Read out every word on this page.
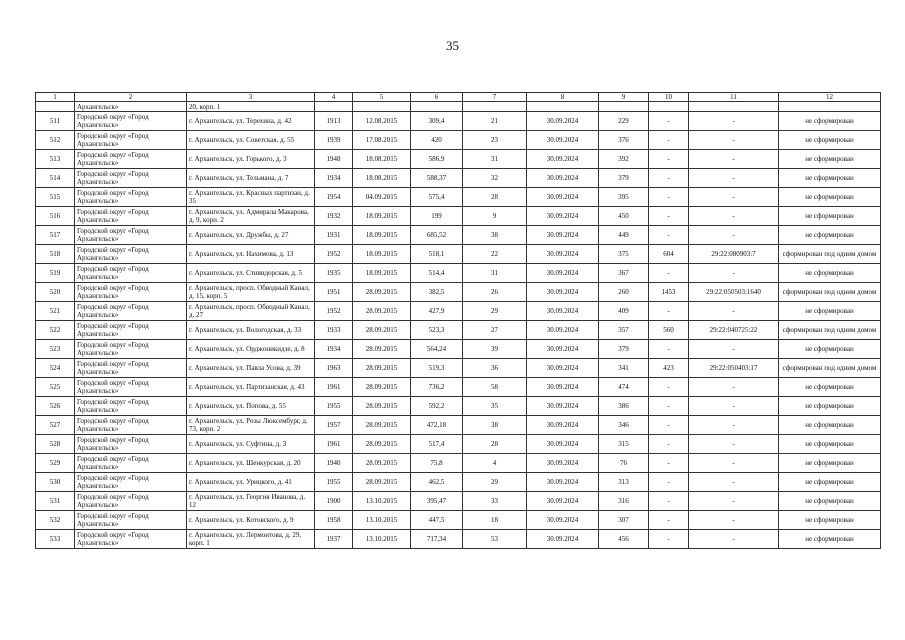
35
1	2	3	4	5	6	7	8	9	10	11	12
	Архангельск»	20, корп. 1									
511	Городской округ «Город Архангельск»	г. Архангельск, ул. Терехина, д. 42	1913	12.08.2015	309,4	21	30.09.2024	229	-	-	не сформирован
512	Городской округ «Город Архангельск»	г. Архангельск, ул. Советская, д. 55	1939	17.08.2015	420	23	30.09.2024	376	-	-	не сформирован
513	Городской округ «Город Архангельск»	г. Архангельск, ул. Горького, д. 3	1948	18.08.2015	586,9	31	30.09.2024	392	-	-	не сформирован
514	Городской округ «Город Архангельск»	г. Архангельск, ул. Тельмана, д. 7	1934	18.08.2015	588,37	32	30.09.2024	379	-	-	не сформирован
515	Городской округ «Город Архангельск»	г. Архангельск, ул. Красных партизан, д. 35	1954	04.09.2015	575,4	28	30.09.2024	395	-	-	не сформирован
516	Городской округ «Город Архангельск»	г. Архангельск, ул. Адмирала Макарова, д. 9, корп. 2	1932	18.09.2015	199	9	30.09.2024	450	-	-	не сформирован
517	Городской округ «Город Архангельск»	г. Архангельск, ул. Дружбы, д. 27	1931	18.09.2015	685,52	38	30.09.2024	449	-	-	не сформирован
518	Городской округ «Город Архангельск»	г. Архангельск, ул. Нахимова, д. 13	1952	18.09.2015	518,1	22	30.09.2024	375	604	29:22:080903:7	сформирован под одним домом
519	Городской округ «Город Архангельск»	г. Архангельск, ул. Стивидорская, д. 5	1935	18.09.2015	514,4	31	30.09.2024	367	-	-	не сформирован
520	Городской округ «Город Архангельск»	г. Архангельск, просп. Обводный Канал, д. 15, корп. 5	1951	28.09.2015	382,5	26	30.09.2024	260	1453	29:22:050503:1640	сформирован под одним домом
521	Городской округ «Город Архангельск»	г. Архангельск, просп. Обводный Канал, д. 27	1952	28.09.2015	427,9	29	30.09.2024	409	-	-	не сформирован
522	Городской округ «Город Архангельск»	г. Архангельск, ул. Вологодская, д. 33	1933	28.09.2015	523,3	27	30.09.2024	357	560	29:22:040725:22	сформирован под одним домом
523	Городской округ «Город Архангельск»	г. Архангельск, ул. Орджоникидзе, д. 8	1934	28.09.2015	564,24	39	30.09.2024	379	-	-	не сформирован
524	Городской округ «Город Архангельск»	г. Архангельск, ул. Павла Усова, д. 39	1963	28.09.2015	519,3	36	30.09.2024	341	423	29:22:050403:17	сформирован под одним домом
525	Городской округ «Город Архангельск»	г. Архангельск, ул. Партизанская, д. 43	1961	28.09.2015	736,2	58	30.09.2024	474	-	-	не сформирован
526	Городской округ «Город Архангельск»	г. Архангельск, ул. Попова, д. 55	1955	28.09.2015	592,2	35	30.09.2024	386	-	-	не сформирован
527	Городской округ «Город Архангельск»	г. Архангельск, ул. Розы Люксембург, д. 73, корп. 2	1957	28.09.2015	472,18	38	30.09.2024	346	-	-	не сформирован
528	Городской округ «Город Архангельск»	г. Архангельск, ул. Суфтина, д. 3	1961	28.09.2015	517,4	28	30.09.2024	315	-	-	не сформирован
529	Городской округ «Город Архангельск»	г. Архангельск, ул. Шенкурская, д. 20	1940	28.09.2015	75,8	4	30.09.2024	76	-	-	не сформирован
530	Городской округ «Город Архангельск»	г. Архангельск, ул. Урицкого, д. 41	1955	28.09.2015	462,5	29	30.09.2024	313	-	-	не сформирован
531	Городской округ «Город Архангельск»	г. Архангельск, ул. Георгия Иванова, д. 12	1900	13.10.2015	395,47	33	30.09.2024	316	-	-	не сформирован
532	Городской округ «Город Архангельск»	г. Архангельск, ул. Котовского, д. 9	1958	13.10.2015	447,5	18	30.09.2024	307	-	-	не сформирован
533	Городской округ «Город Архангельск»	г. Архангельск, ул. Лермонтова, д. 29, корп. 1	1937	13.10.2015	717,34	53	30.09.2024	456	-	-	не сформирован
